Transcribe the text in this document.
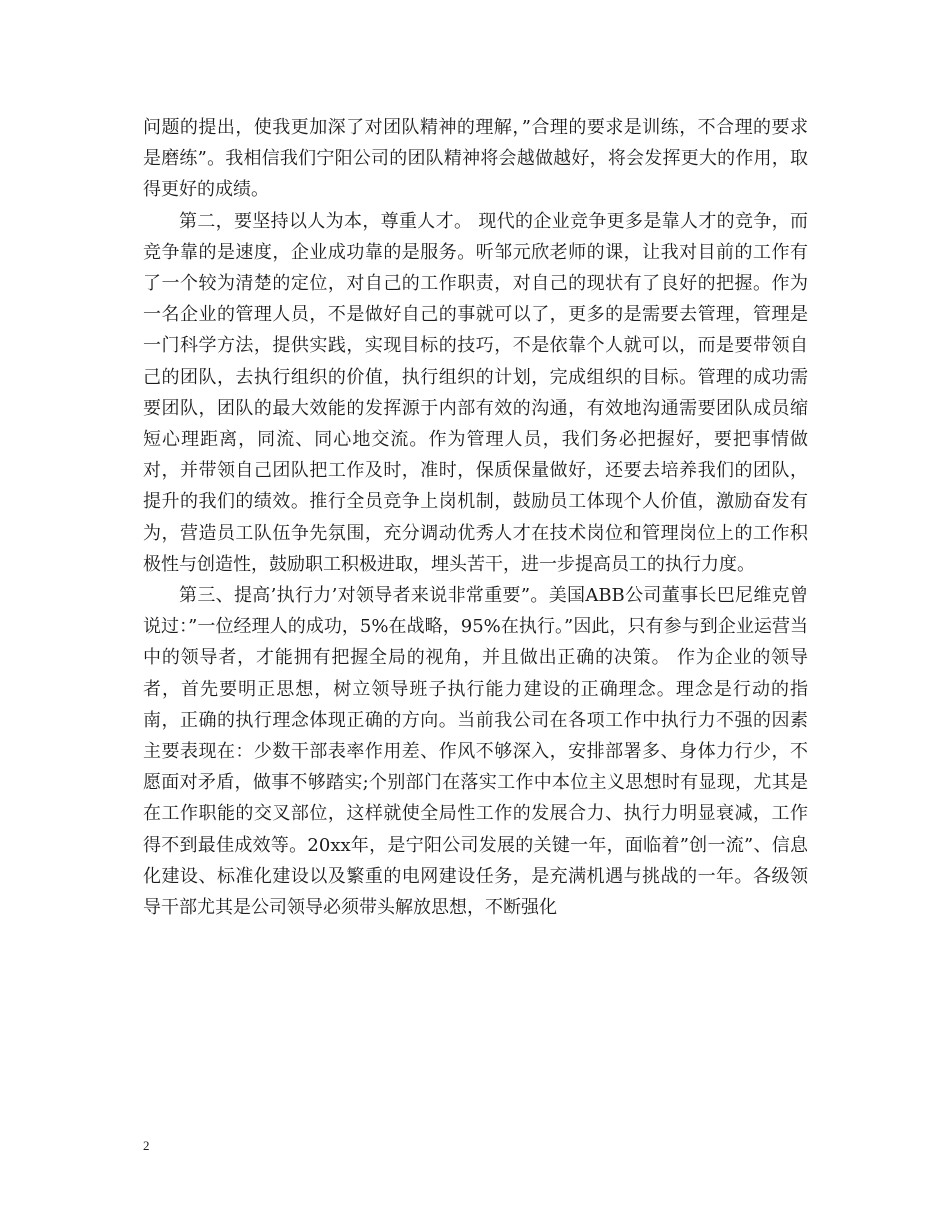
问题的提出，使我更加深了对团队精神的理解，”合理的要求是训练，不合理的要求是磨练”。我相信我们宁阳公司的团队精神将会越做越好，将会发挥更大的作用，取得更好的成绩。

第二，要坚持以人为本，尊重人才。 现代的企业竞争更多是靠人才的竞争，而竞争靠的是速度，企业成功靠的是服务。听邹元欣老师的课，让我对目前的工作有了一个较为清楚的定位，对自己的工作职责，对自己的现状有了良好的把握。作为一名企业的管理人员，不是做好自己的事就可以了，更多的是需要去管理，管理是一门科学方法，提供实践，实现目标的技巧，不是依靠个人就可以，而是要带领自己的团队，去执行组织的价值，执行组织的计划，完成组织的目标。管理的成功需要团队，团队的最大效能的发挥源于内部有效的沟通，有效地沟通需要团队成员缩短心理距离，同流、同心地交流。作为管理人员，我们务必把握好，要把事情做对，并带领自己团队把工作及时，准时，保质保量做好，还要去培养我们的团队，提升的我们的绩效。推行全员竞争上岗机制，鼓励员工体现个人价值，激励奋发有为，营造员工队伍争先氛围，充分调动优秀人才在技术岗位和管理岗位上的工作积极性与创造性，鼓励职工积极进取，埋头苦干，进一步提高员工的执行力度。

第三、提高’执行力’对领导者来说非常重要”。美国ABB公司董事长巴尼维克曾说过：”一位经理人的成功，5%在战略，95%在执行。”因此，只有参与到企业运营当中的领导者，才能拥有把握全局的视角，并且做出正确的决策。 作为企业的领导者，首先要明正思想，树立领导班子执行能力建设的正确理念。理念是行动的指南，正确的执行理念体现正确的方向。当前我公司在各项工作中执行力不强的因素主要表现在：少数干部表率作用差、作风不够深入，安排部署多、身体力行少，不愿面对矛盾，做事不够踏实;个别部门在落实工作中本位主义思想时有显现，尤其是在工作职能的交叉部位，这样就使全局性工作的发展合力、执行力明显衰减，工作得不到最佳成效等。20xx年，是宁阳公司发展的关键一年，面临着”创一流”、信息化建设、标准化建设以及繁重的电网建设任务，是充满机遇与挑战的一年。各级领导干部尤其是公司领导必须带头解放思想，不断强化

2
